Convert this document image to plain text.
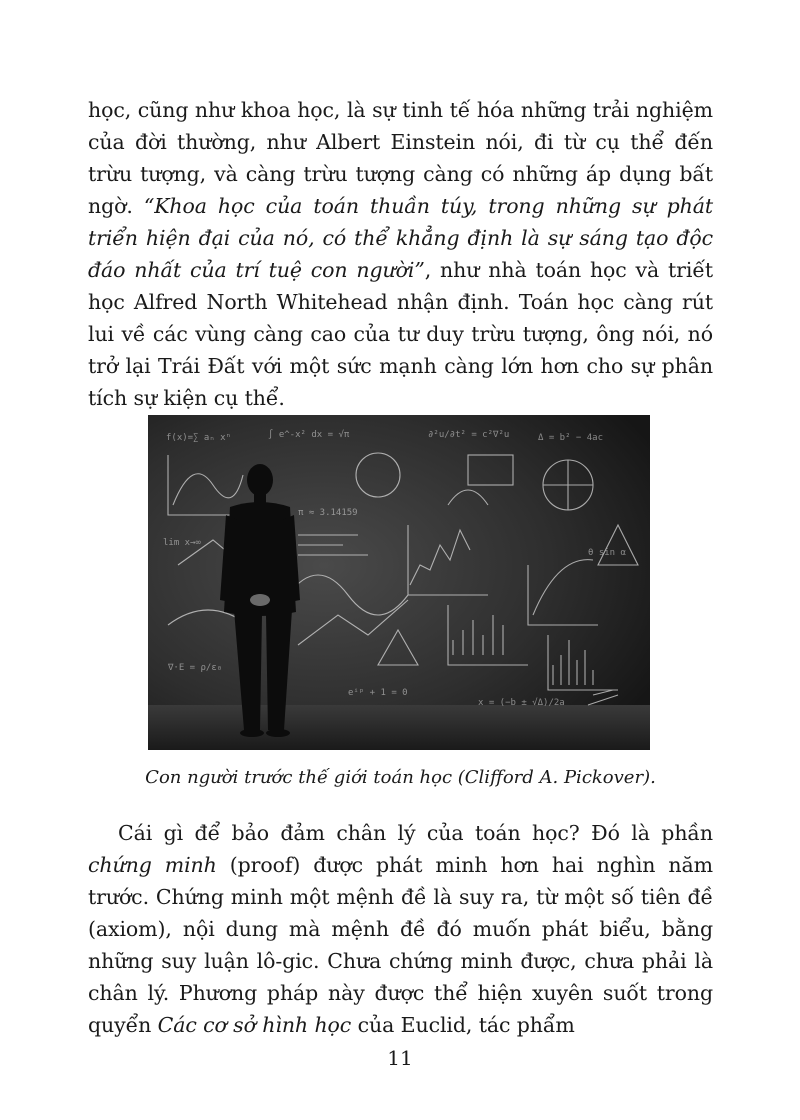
học, cũng như khoa học, là sự tinh tế hóa những trải nghiệm của đời thường, như Albert Einstein nói, đi từ cụ thể đến trừu tượng, và càng trừu tượng càng có những áp dụng bất ngờ. “Khoa học của toán thuần túy, trong những sự phát triển hiện đại của nó, có thể khẳng định là sự sáng tạo độc đáo nhất của trí tuệ con người”, như nhà toán học và triết học Alfred North Whitehead nhận định. Toán học càng rút lui về các vùng càng cao của tư duy trừu tượng, ông nói, nó trở lại Trái Đất với một sức mạnh càng lớn hơn cho sự phân tích sự kiện cụ thể.

f(x)=∑ aₙ xⁿ	∫ e^-x² dx = √π	∂²u/∂t² = c²∇²u	Δ = b² − 4ac
π ≈ 3.14159
lim x→∞
eⁱᵖ + 1 = 0
x = (−b ± √Δ)/2a
θ sin α
∇·E = ρ/ε₀
Con người trước thế giới toán học (Clifford A. Pickover).

Cái gì để bảo đảm chân lý của toán học? Đó là phần chứng minh (proof) được phát minh hơn hai nghìn năm trước. Chứng minh một mệnh đề là suy ra, từ một số tiên đề (axiom), nội dung mà mệnh đề đó muốn phát biểu, bằng những suy luận lô-gic. Chưa chứng minh được, chưa phải là chân lý. Phương pháp này được thể hiện xuyên suốt trong quyển Các cơ sở hình học của Euclid, tác phẩm

11
